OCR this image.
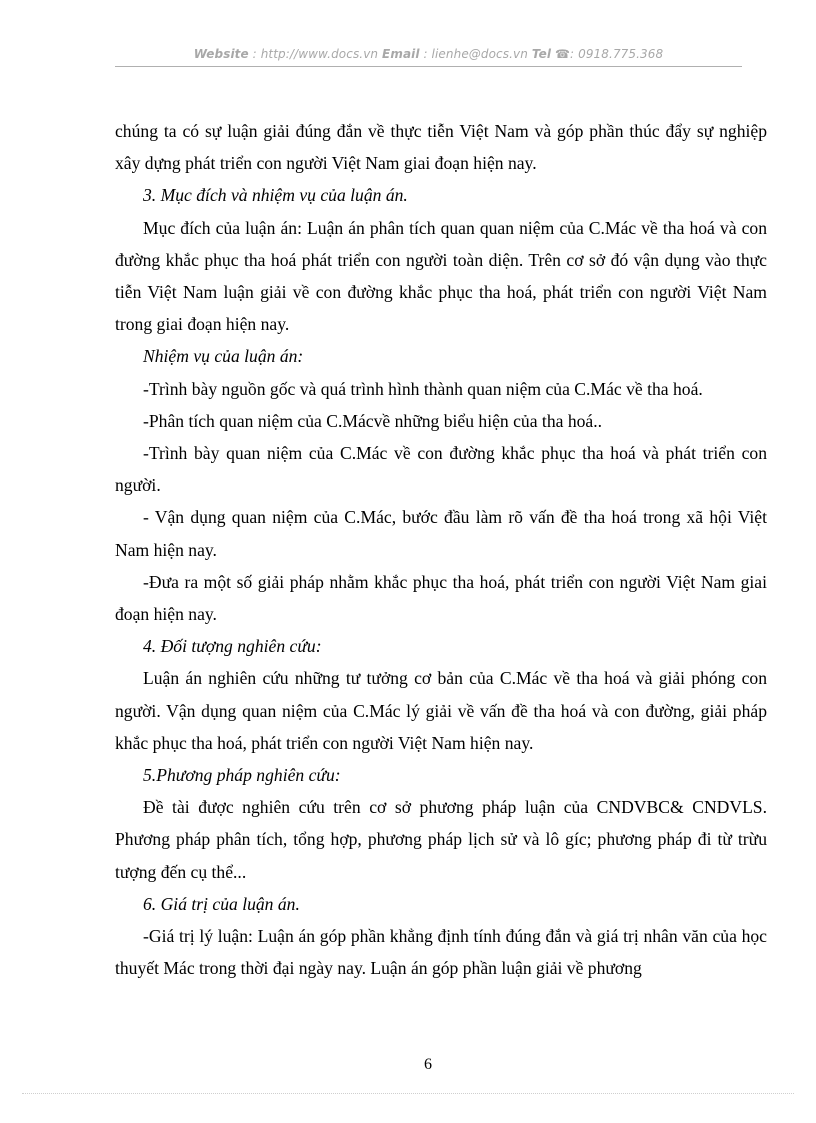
Website : http://www.docs.vn Email : lienhe@docs.vn Tel ☎: 0918.775.368

chúng ta có sự luận giải đúng đắn về thực tiễn Việt Nam và góp phần thúc đẩy sự nghiệp xây dựng phát triển con người Việt Nam giai đoạn hiện nay.

3. Mục đích và nhiệm vụ của luận án.

Mục đích của luận án: Luận án phân tích quan quan niệm của C.Mác về tha hoá và con đường khắc phục tha hoá phát triển con người toàn diện. Trên cơ sở đó vận dụng vào thực tiễn Việt Nam luận giải về con đường khắc phục tha hoá, phát triển con người Việt Nam trong giai đoạn hiện nay.

Nhiệm vụ của luận án:

-Trình bày nguồn gốc và quá trình hình thành quan niệm của C.Mác về tha hoá.

-Phân tích quan niệm của C.Mácvề những biểu hiện của tha hoá..

-Trình bày quan niệm của C.Mác về con đường khắc phục tha hoá và phát triển con người.

- Vận dụng quan niệm của C.Mác, bước đầu làm rõ vấn đề tha hoá trong xã hội Việt Nam hiện nay.

-Đưa ra một số giải pháp nhằm khắc phục tha hoá, phát triển con người Việt Nam giai đoạn hiện nay.

4. Đối tượng nghiên cứu:

Luận án nghiên cứu những tư tưởng cơ bản của C.Mác về tha hoá và giải phóng con người. Vận dụng quan niệm của C.Mác lý giải về vấn đề tha hoá và con đường, giải pháp khắc phục tha hoá, phát triển con người Việt Nam hiện nay.

5.Phương pháp nghiên cứu:

Đề tài được nghiên cứu trên cơ sở phương pháp luận của CNDVBC& CNDVLS. Phương pháp phân tích, tổng hợp, phương pháp lịch sử và lô gíc; phương pháp đi từ trừu tượng đến cụ thể...

6. Giá trị của luận án.

-Giá trị lý luận: Luận án góp phần khẳng định tính đúng đắn và giá trị nhân văn của học thuyết Mác trong thời đại ngày nay. Luận án góp phần luận giải về phương

6
